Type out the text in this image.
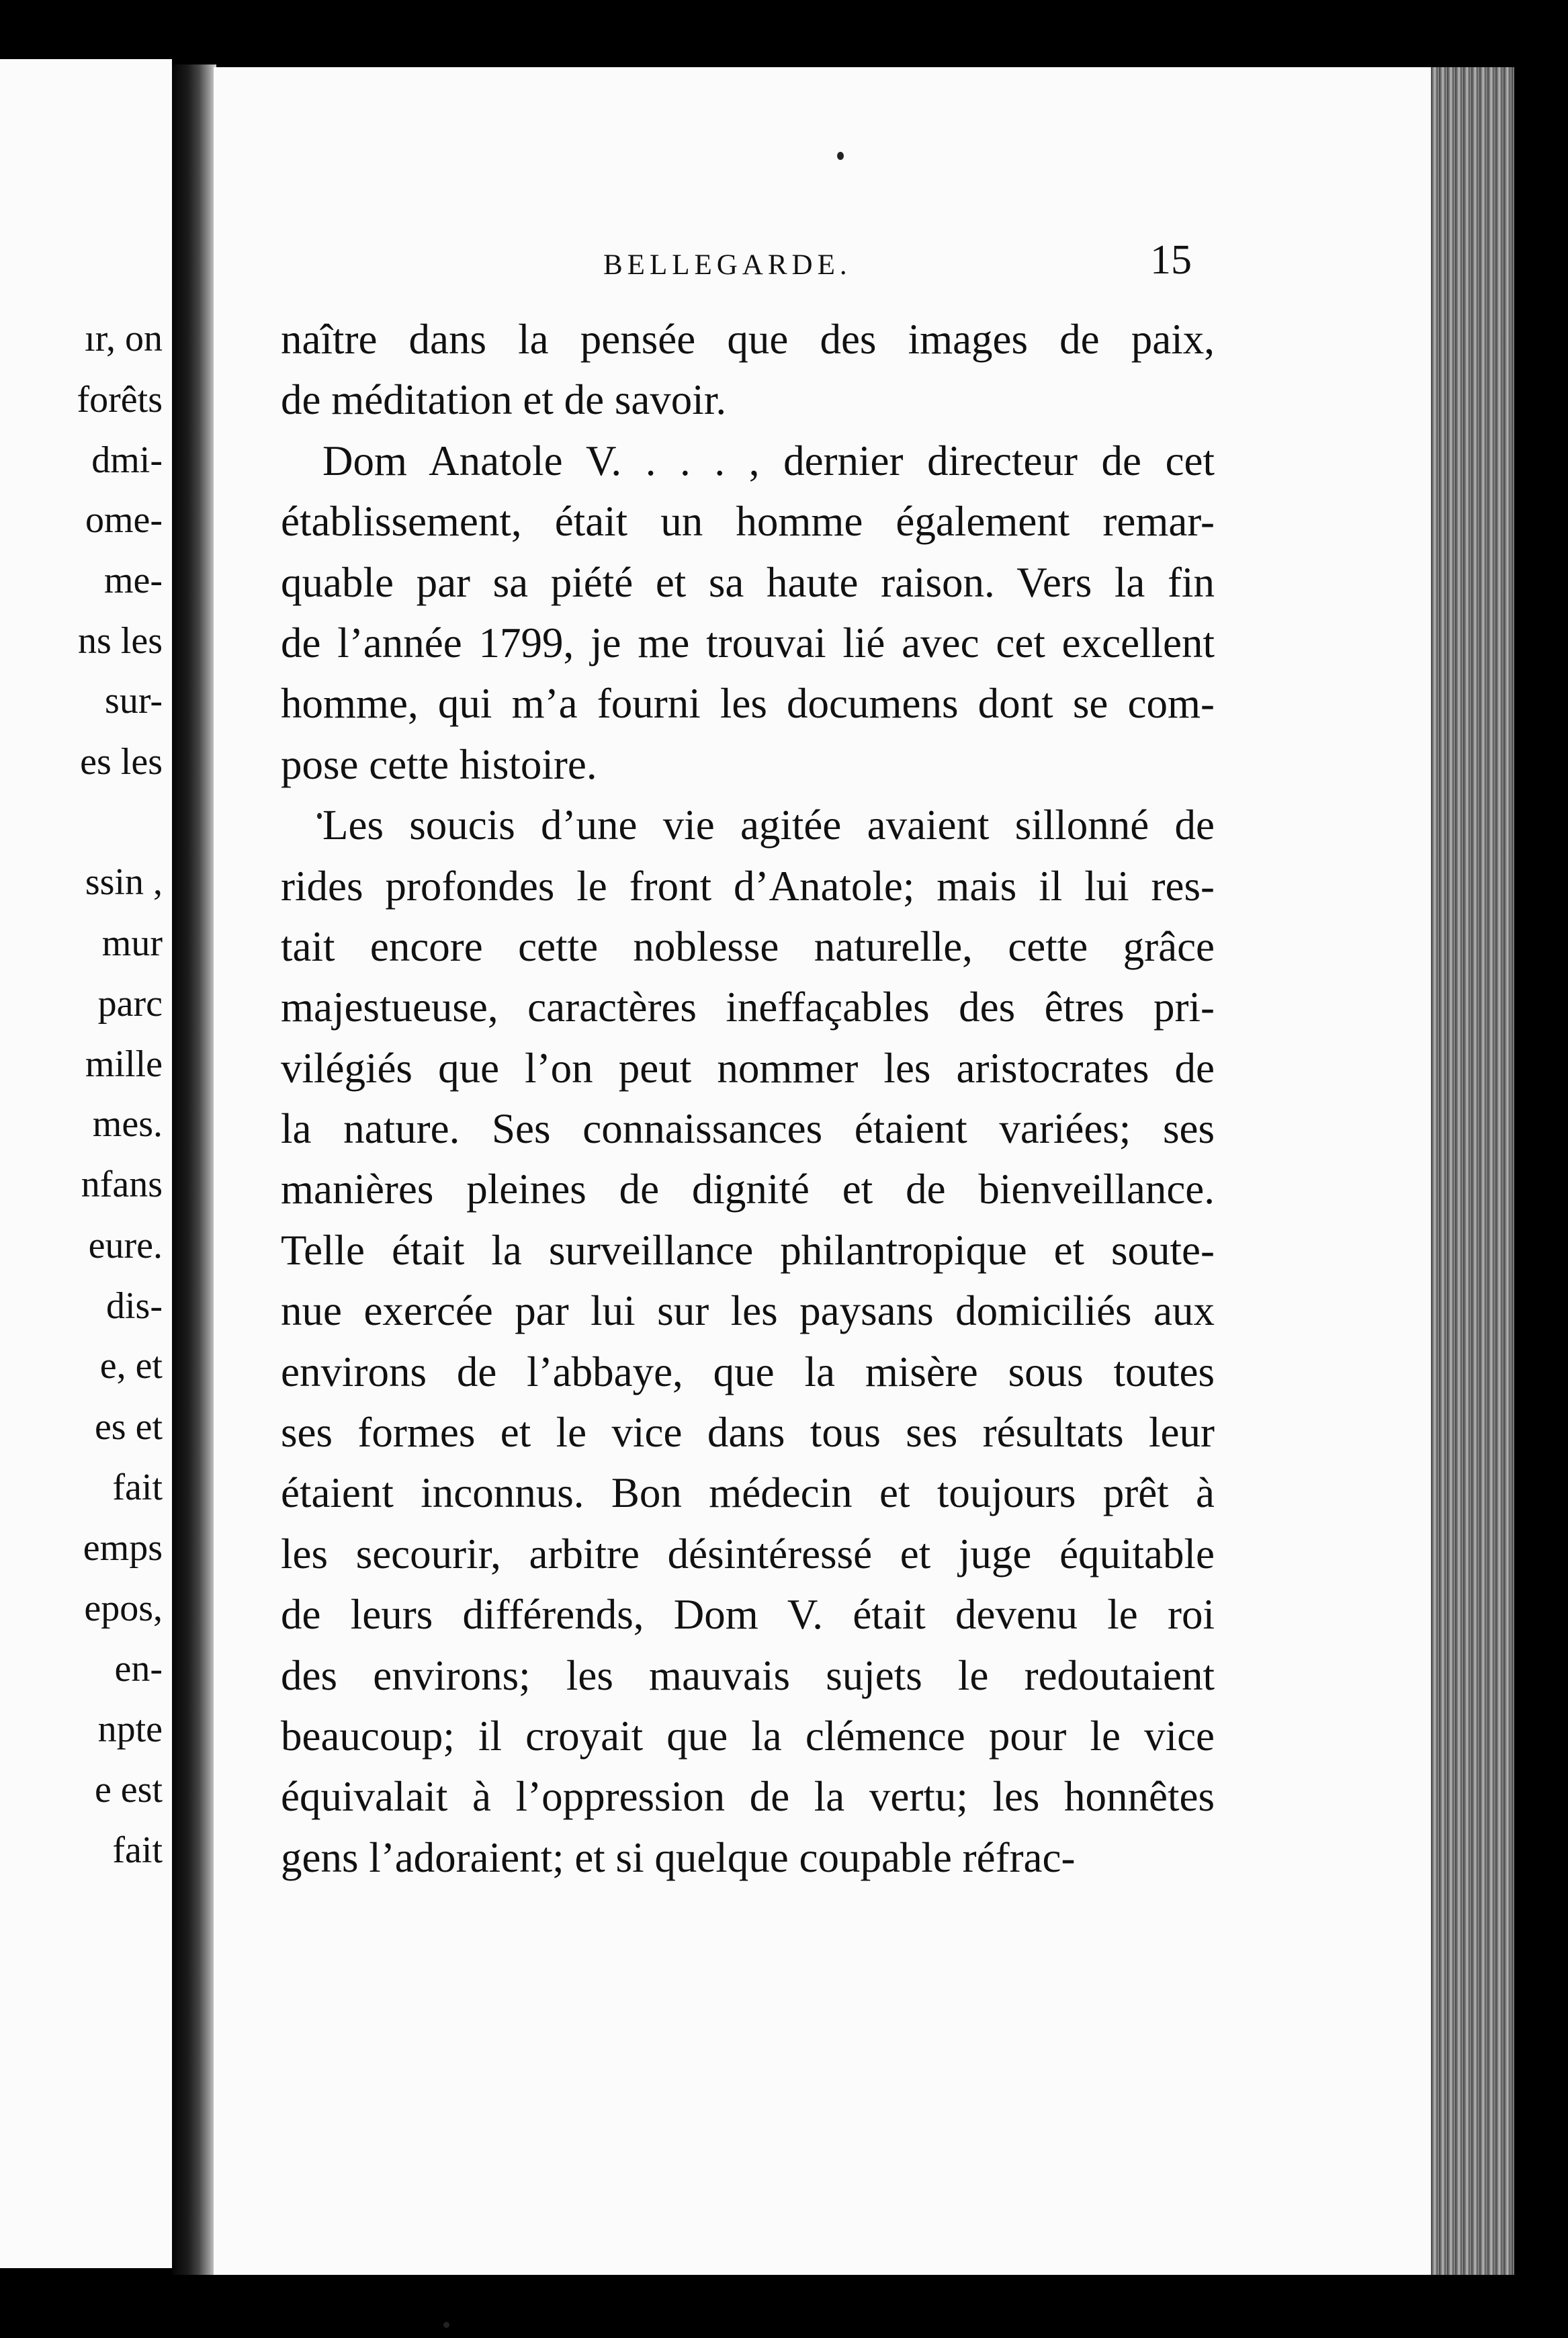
ır, on
forêts
dmi-
ome-
me-
ns les
sur-
es les
ssin ,
mur
parc
mille
mes.
nfans
eure.
dis-
e, et
es et
fait
emps
epos,
en-
npte
e est
fait
BELLEGARDE.	15
naître dans la pensée que des images de paix,
de méditation et de savoir.
Dom Anatole V. . . . , dernier directeur de cet
établissement, était un homme également remar-
quable par sa piété et sa haute raison. Vers la fin
de l’année 1799, je me trouvai lié avec cet excellent
homme, qui m’a fourni les documens dont se com-
pose cette histoire.
Les soucis d’une vie agitée avaient sillonné de
rides profondes le front d’Anatole; mais il lui res-
tait encore cette noblesse naturelle, cette grâce
majestueuse, caractères ineffaçables des êtres pri-
vilégiés que l’on peut nommer les aristocrates de
la nature. Ses connaissances étaient variées; ses
manières pleines de dignité et de bienveillance.
Telle était la surveillance philantropique et soute-
nue exercée par lui sur les paysans domiciliés aux
environs de l’abbaye, que la misère sous toutes
ses formes et le vice dans tous ses résultats leur
étaient inconnus. Bon médecin et toujours prêt à
les secourir, arbitre désintéressé et juge équitable
de leurs différends, Dom V. était devenu le roi
des environs; les mauvais sujets le redoutaient
beaucoup; il croyait que la clémence pour le vice
équivalait à l’oppression de la vertu; les honnêtes
gens l’adoraient; et si quelque coupable réfrac-
